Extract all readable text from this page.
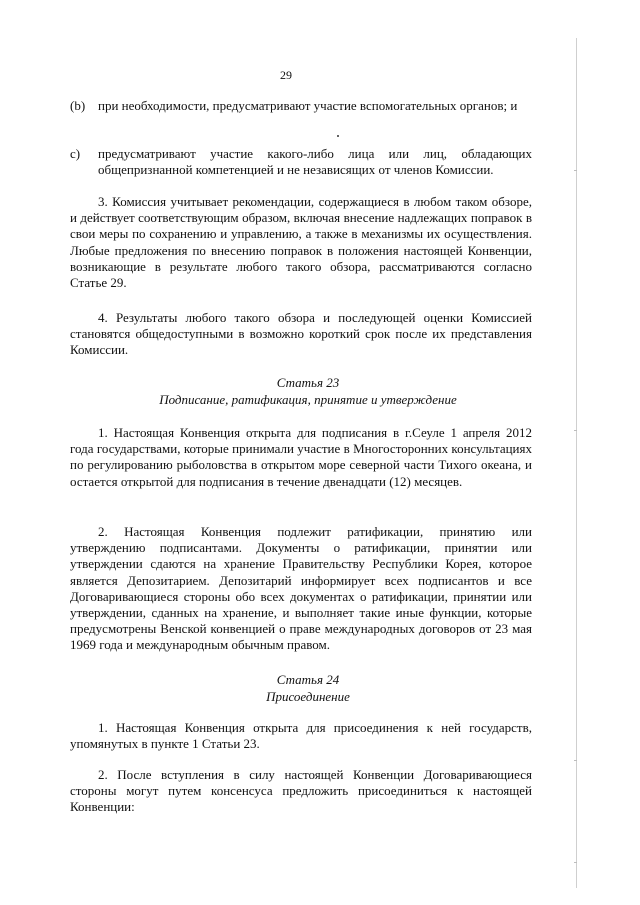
29
(b) при необходимости, предусматривают участие вспомогательных органов; и
c)	предусматривают участие какого-либо лица или лиц, обладающих общепризнанной компетенцией и не независящих от членов Комиссии.
3. Комиссия учитывает рекомендации, содержащиеся в любом таком обзоре, и действует соответствующим образом, включая внесение надлежащих поправок в свои меры по сохранению и управлению, а также в механизмы их осуществления. Любые предложения по внесению поправок в положения настоящей Конвенции, возникающие в результате любого такого обзора, рассматриваются согласно Статье 29.
4. Результаты любого такого обзора и последующей оценки Комиссией становятся общедоступными в возможно короткий срок после их представления Комиссии.
Статья 23
Подписание, ратификация, принятие и утверждение
1. Настоящая Конвенция открыта для подписания в г.Сеуле 1 апреля 2012 года государствами, которые принимали участие в Многосторонних консультациях по регулированию рыболовства в открытом море северной части Тихого океана, и остается открытой для подписания в течение двенадцати (12) месяцев.
2. Настоящая Конвенция подлежит ратификации, принятию или утверждению подписантами. Документы о ратификации, принятии или утверждении сдаются на хранение Правительству Республики Корея, которое является Депозитарием. Депозитарий информирует всех подписантов и все Договаривающиеся стороны обо всех документах о ратификации, принятии или утверждении, сданных на хранение, и выполняет такие иные функции, которые предусмотрены Венской конвенцией о праве международных договоров от 23 мая 1969 года и международным обычным правом.
Статья 24
Присоединение
1. Настоящая Конвенция открыта для присоединения к ней государств, упомянутых в пункте 1 Статьи 23.
2. После вступления в силу настоящей Конвенции Договаривающиеся стороны могут путем консенсуса предложить присоединиться к настоящей Конвенции:
